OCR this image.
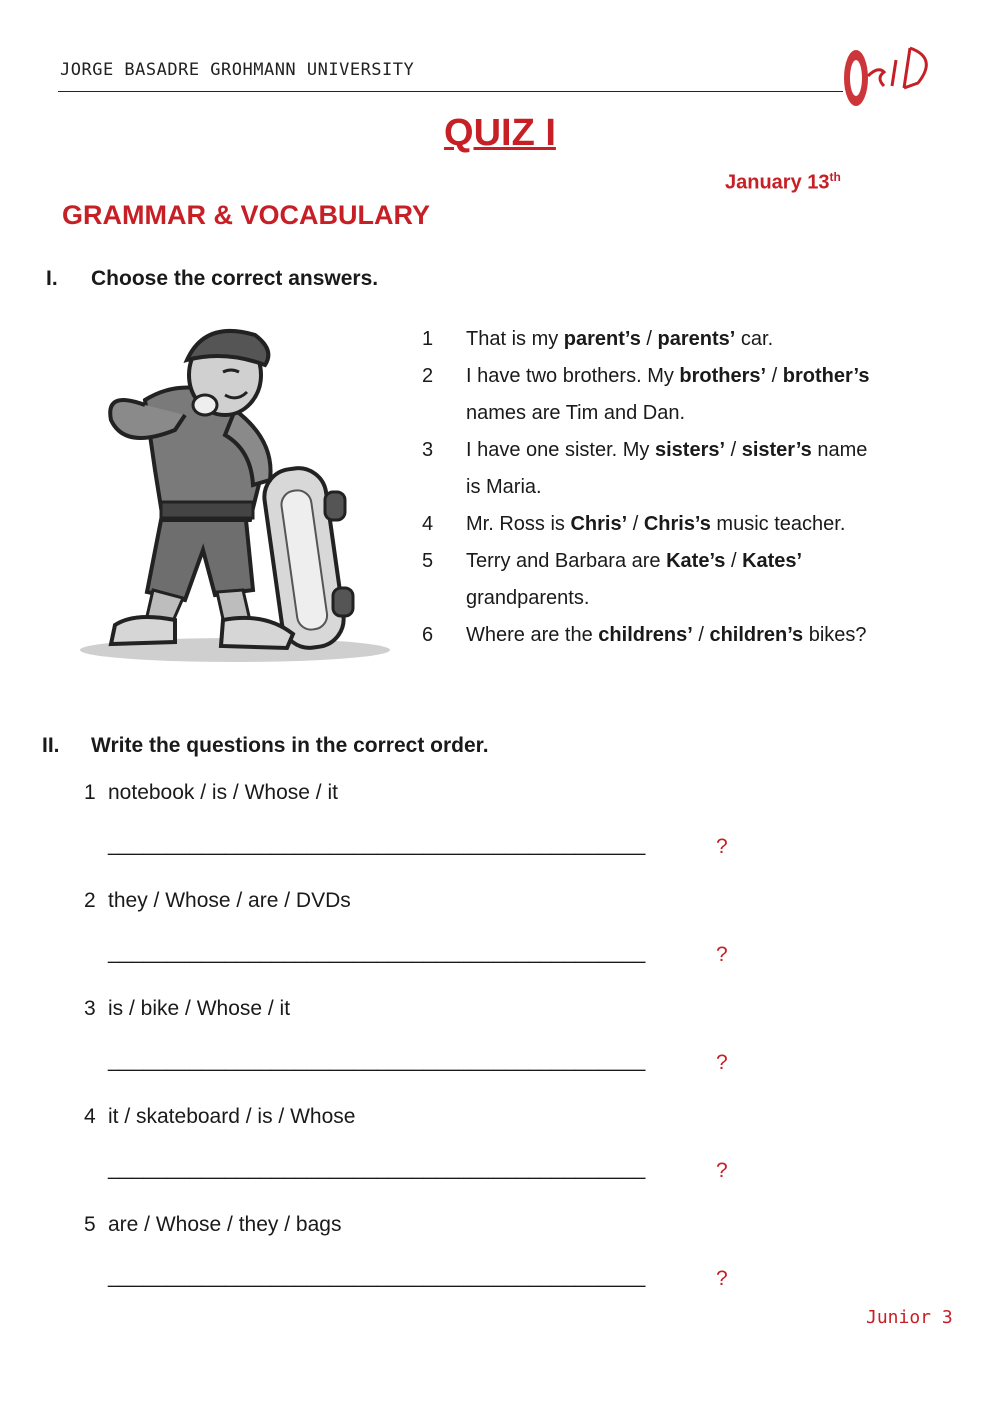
JORGE BASADRE GROHMANN UNIVERSITY
QUIZ I
January 13th
GRAMMAR & VOCABULARY
I. Choose the correct answers.
1 That is my parent’s / parents’ car.
2 I have two brothers. My brothers’ / brother’s
names are Tim and Dan.
3 I have one sister. My sisters’ / sister’s name
is Maria.
4 Mr. Ross is Chris’ / Chris’s music teacher.
5 Terry and Barbara are Kate’s / Kates’
grandparents.
6 Where are the childrens’ / children’s bikes?
II. Write the questions in the correct order.
1 notebook / is / Whose / it
______________________________________________	?
2 they / Whose / are / DVDs
______________________________________________	?
3 is / bike / Whose / it
______________________________________________	?
4 it / skateboard / is / Whose
______________________________________________	?
5 are / Whose / they / bags
______________________________________________	?
Junior 3
